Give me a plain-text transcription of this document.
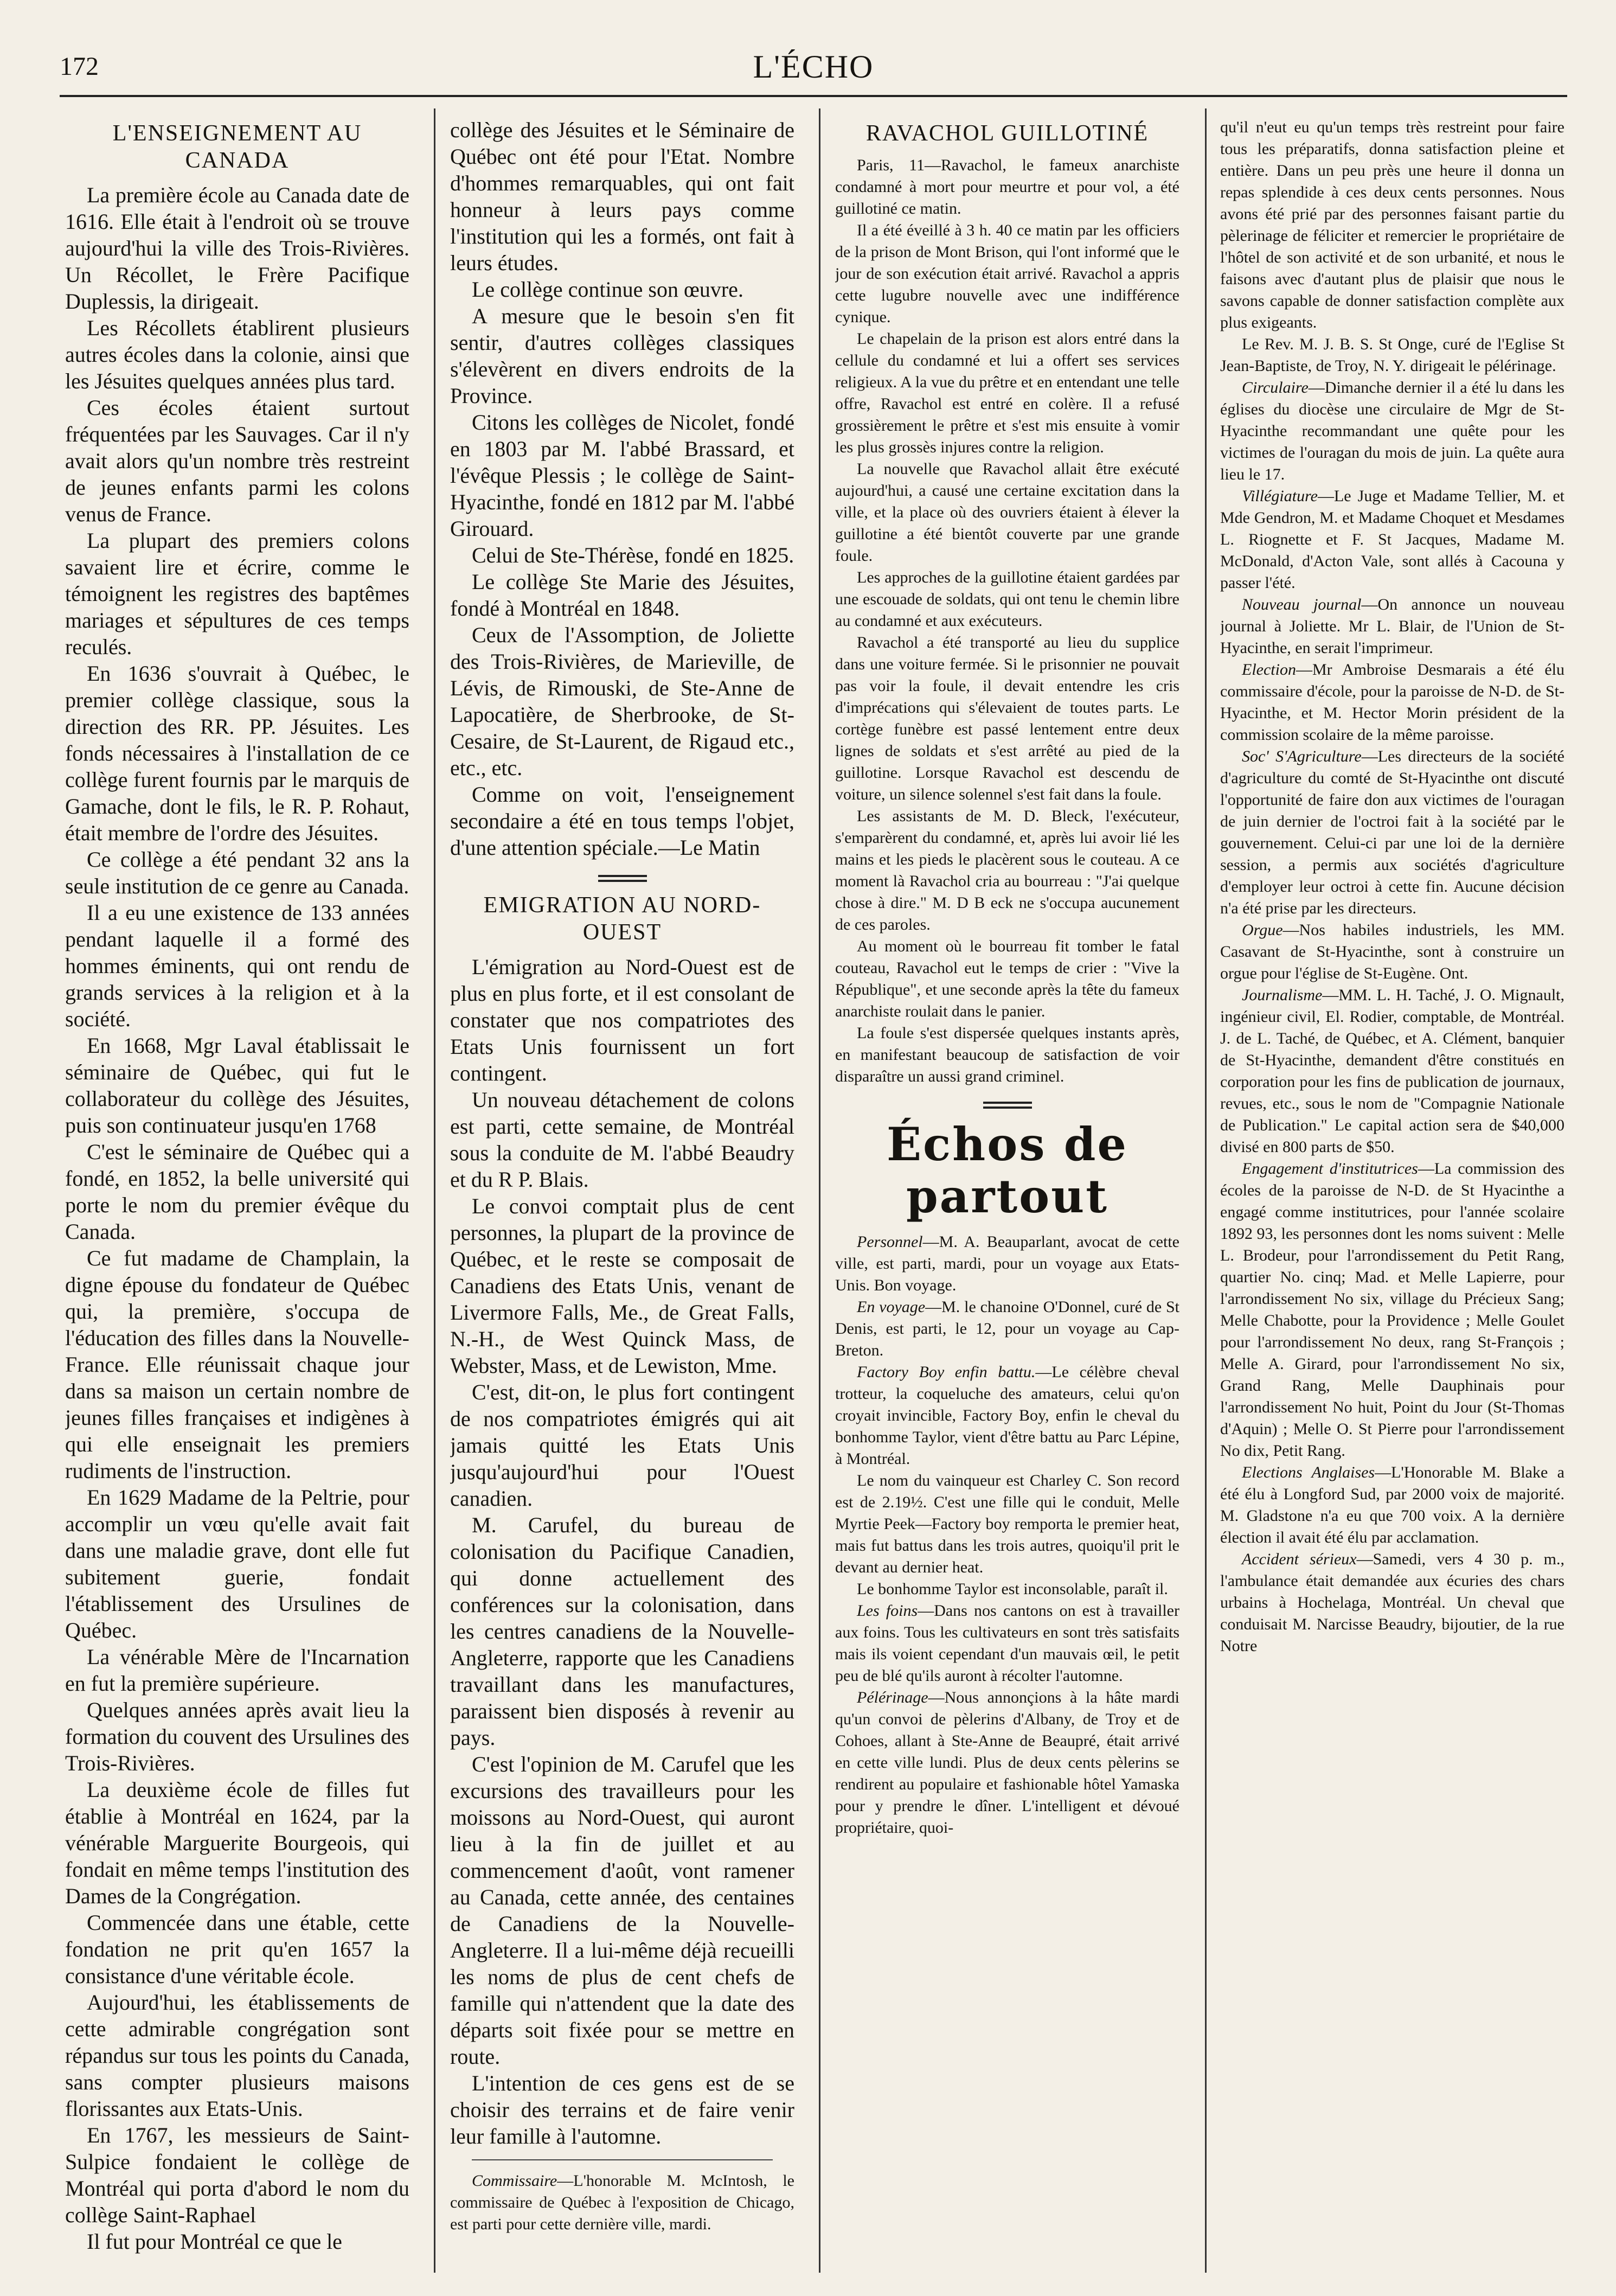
172	L'ÉCHO
L'ENSEIGNEMENT AU CANADA

La première école au Canada date de 1616. Elle était à l'endroit où se trouve aujourd'hui la ville des Trois-Rivières. Un Récollet, le Frère Pacifique Duplessis, la dirigeait.

Les Récollets établirent plusieurs autres écoles dans la colonie, ainsi que les Jésuites quelques années plus tard.

Ces écoles étaient surtout fréquentées par les Sauvages. Car il n'y avait alors qu'un nombre très restreint de jeunes enfants parmi les colons venus de France.

La plupart des premiers colons savaient lire et écrire, comme le témoignent les registres des baptêmes mariages et sépultures de ces temps reculés.

En 1636 s'ouvrait à Québec, le premier collège classique, sous la direction des RR. PP. Jésuites. Les fonds nécessaires à l'installation de ce collège furent fournis par le marquis de Gamache, dont le fils, le R. P. Rohaut, était membre de l'ordre des Jésuites.

Ce collège a été pendant 32 ans la seule institution de ce genre au Canada.

Il a eu une existence de 133 années pendant laquelle il a formé des hommes éminents, qui ont rendu de grands services à la religion et à la société.

En 1668, Mgr Laval établissait le séminaire de Québec, qui fut le collaborateur du collège des Jésuites, puis son continuateur jusqu'en 1768

C'est le séminaire de Québec qui a fondé, en 1852, la belle université qui porte le nom du premier évêque du Canada.

Ce fut madame de Champlain, la digne épouse du fondateur de Québec qui, la première, s'occupa de l'éducation des filles dans la Nouvelle-France. Elle réunissait chaque jour dans sa maison un certain nombre de jeunes filles françaises et indigènes à qui elle enseignait les premiers rudiments de l'instruction.

En 1629 Madame de la Peltrie, pour accomplir un vœu qu'elle avait fait dans une maladie grave, dont elle fut subitement guerie, fondait l'établissement des Ursulines de Québec.

La vénérable Mère de l'Incarnation en fut la première supérieure.

Quelques années après avait lieu la formation du couvent des Ursulines des Trois-Rivières.

La deuxième école de filles fut établie à Montréal en 1624, par la vénérable Marguerite Bourgeois, qui fondait en même temps l'institution des Dames de la Congrégation.

Commencée dans une étable, cette fondation ne prit qu'en 1657 la consistance d'une véritable école.

Aujourd'hui, les établissements de cette admirable congrégation sont répandus sur tous les points du Canada, sans compter plusieurs maisons florissantes aux Etats-Unis.

En 1767, les messieurs de Saint-Sulpice fondaient le collège de Montréal qui porta d'abord le nom du collège Saint-Raphael

Il fut pour Montréal ce que le

collège des Jésuites et le Séminaire de Québec ont été pour l'Etat. Nombre d'hommes remarquables, qui ont fait honneur à leurs pays comme l'institution qui les a formés, ont fait à leurs études.

Le collège continue son œuvre.

A mesure que le besoin s'en fit sentir, d'autres collèges classiques s'élevèrent en divers endroits de la Province.

Citons les collèges de Nicolet, fondé en 1803 par M. l'abbé Brassard, et l'évêque Plessis ; le collège de Saint-Hyacinthe, fondé en 1812 par M. l'abbé Girouard.

Celui de Ste-Thérèse, fondé en 1825.

Le collège Ste Marie des Jésuites, fondé à Montréal en 1848.

Ceux de l'Assomption, de Joliette des Trois-Rivières, de Marieville, de Lévis, de Rimouski, de Ste-Anne de Lapocatière, de Sherbrooke, de St-Cesaire, de St-Laurent, de Rigaud etc., etc., etc.

Comme on voit, l'enseignement secondaire a été en tous temps l'objet, d'une attention spéciale.—Le Matin

EMIGRATION AU NORD-OUEST

L'émigration au Nord-Ouest est de plus en plus forte, et il est consolant de constater que nos compatriotes des Etats Unis fournissent un fort contingent.

Un nouveau détachement de colons est parti, cette semaine, de Montréal sous la conduite de M. l'abbé Beaudry et du R P. Blais.

Le convoi comptait plus de cent personnes, la plupart de la province de Québec, et le reste se composait de Canadiens des Etats Unis, venant de Livermore Falls, Me., de Great Falls, N.-H., de West Quinck Mass, de Webster, Mass, et de Lewiston, Mme.

C'est, dit-on, le plus fort contingent de nos compatriotes émigrés qui ait jamais quitté les Etats Unis jusqu'aujourd'hui pour l'Ouest canadien.

M. Carufel, du bureau de colonisation du Pacifique Canadien, qui donne actuellement des conférences sur la colonisation, dans les centres canadiens de la Nouvelle-Angleterre, rapporte que les Canadiens travaillant dans les manufactures, paraissent bien disposés à revenir au pays.

C'est l'opinion de M. Carufel que les excursions des travailleurs pour les moissons au Nord-Ouest, qui auront lieu à la fin de juillet et au commencement d'août, vont ramener au Canada, cette année, des centaines de Canadiens de la Nouvelle-Angleterre. Il a lui-même déjà recueilli les noms de plus de cent chefs de famille qui n'attendent que la date des départs soit fixée pour se mettre en route.

L'intention de ces gens est de se choisir des terrains et de faire venir leur famille à l'automne.

Commissaire—L'honorable M. McIntosh, le commissaire de Québec à l'exposition de Chicago, est parti pour cette dernière ville, mardi.

RAVACHOL GUILLOTINÉ

Paris, 11—Ravachol, le fameux anarchiste condamné à mort pour meurtre et pour vol, a été guillotiné ce matin.

Il a été éveillé à 3 h. 40 ce matin par les officiers de la prison de Mont Brison, qui l'ont informé que le jour de son exécution était arrivé. Ravachol a appris cette lugubre nouvelle avec une indifférence cynique.

Le chapelain de la prison est alors entré dans la cellule du condamné et lui a offert ses services religieux. A la vue du prêtre et en entendant une telle offre, Ravachol est entré en colère. Il a refusé grossièrement le prêtre et s'est mis ensuite à vomir les plus grossès injures contre la religion.

La nouvelle que Ravachol allait être exécuté aujourd'hui, a causé une certaine excitation dans la ville, et la place où des ouvriers étaient à élever la guillotine a été bientôt couverte par une grande foule.

Les approches de la guillotine étaient gardées par une escouade de soldats, qui ont tenu le chemin libre au condamné et aux exécuteurs.

Ravachol a été transporté au lieu du supplice dans une voiture fermée. Si le prisonnier ne pouvait pas voir la foule, il devait entendre les cris d'imprécations qui s'élevaient de toutes parts. Le cortège funèbre est passé lentement entre deux lignes de soldats et s'est arrêté au pied de la guillotine. Lorsque Ravachol est descendu de voiture, un silence solennel s'est fait dans la foule.

Les assistants de M. D. Bleck, l'exécuteur, s'emparèrent du condamné, et, après lui avoir lié les mains et les pieds le placèrent sous le couteau. A ce moment là Ravachol cria au bourreau : "J'ai quelque chose à dire." M. D B eck ne s'occupa aucunement de ces paroles.

Au moment où le bourreau fit tomber le fatal couteau, Ravachol eut le temps de crier : "Vive la République", et une seconde après la tête du fameux anarchiste roulait dans le panier.

La foule s'est dispersée quelques instants après, en manifestant beaucoup de satisfaction de voir disparaître un aussi grand criminel.

Échos de partout

Personnel—M. A. Beauparlant, avocat de cette ville, est parti, mardi, pour un voyage aux Etats-Unis. Bon voyage.

En voyage—M. le chanoine O'Donnel, curé de St Denis, est parti, le 12, pour un voyage au Cap-Breton.

Factory Boy enfin battu.—Le célèbre cheval trotteur, la coqueluche des amateurs, celui qu'on croyait invincible, Factory Boy, enfin le cheval du bonhomme Taylor, vient d'être battu au Parc Lépine, à Montréal.

Le nom du vainqueur est Charley C. Son record est de 2.19½. C'est une fille qui le conduit, Melle Myrtie Peek—Factory boy remporta le premier heat, mais fut battus dans les trois autres, quoiqu'il prit le devant au dernier heat.

Le bonhomme Taylor est inconsolable, paraît il.

Les foins—Dans nos cantons on est à travailler aux foins. Tous les cultivateurs en sont très satisfaits mais ils voient cependant d'un mauvais œil, le petit peu de blé qu'ils auront à récolter l'automne.

Pélérinage—Nous annonçions à la hâte mardi qu'un convoi de pèlerins d'Albany, de Troy et de Cohoes, allant à Ste-Anne de Beaupré, était arrivé en cette ville lundi. Plus de deux cents pèlerins se rendirent au populaire et fashionable hôtel Yamaska pour y prendre le dîner. L'intelligent et dévoué propriétaire, quoi-

qu'il n'eut eu qu'un temps très restreint pour faire tous les préparatifs, donna satisfaction pleine et entière. Dans un peu près une heure il donna un repas splendide à ces deux cents personnes. Nous avons été prié par des personnes faisant partie du pèlerinage de féliciter et remercier le propriétaire de l'hôtel de son activité et de son urbanité, et nous le faisons avec d'autant plus de plaisir que nous le savons capable de donner satisfaction complète aux plus exigeants.

Le Rev. M. J. B. S. St Onge, curé de l'Eglise St Jean-Baptiste, de Troy, N. Y. dirigeait le pélérinage.

Circulaire—Dimanche dernier il a été lu dans les églises du diocèse une circulaire de Mgr de St-Hyacinthe recommandant une quête pour les victimes de l'ouragan du mois de juin. La quête aura lieu le 17.

Villégiature—Le Juge et Madame Tellier, M. et Mde Gendron, M. et Madame Choquet et Mesdames L. Riognette et F. St Jacques, Madame M. McDonald, d'Acton Vale, sont allés à Cacouna y passer l'été.

Nouveau journal—On annonce un nouveau journal à Joliette. Mr L. Blair, de l'Union de St-Hyacinthe, en serait l'imprimeur.

Election—Mr Ambroise Desmarais a été élu commissaire d'école, pour la paroisse de N-D. de St-Hyacinthe, et M. Hector Morin président de la commission scolaire de la même paroisse.

Soc' S'Agriculture—Les directeurs de la société d'agriculture du comté de St-Hyacinthe ont discuté l'opportunité de faire don aux victimes de l'ouragan de juin dernier de l'octroi fait à la société par le gouvernement. Celui-ci par une loi de la dernière session, a permis aux sociétés d'agriculture d'employer leur octroi à cette fin. Aucune décision n'a été prise par les directeurs.

Orgue—Nos habiles industriels, les MM. Casavant de St-Hyacinthe, sont à construire un orgue pour l'église de St-Eugène. Ont.

Journalisme—MM. L. H. Taché, J. O. Mignault, ingénieur civil, El. Rodier, comptable, de Montréal. J. de L. Taché, de Québec, et A. Clément, banquier de St-Hyacinthe, demandent d'être constitués en corporation pour les fins de publication de journaux, revues, etc., sous le nom de "Compagnie Nationale de Publication." Le capital action sera de $40,000 divisé en 800 parts de $50.

Engagement d'institutrices—La commission des écoles de la paroisse de N-D. de St Hyacinthe a engagé comme institutrices, pour l'année scolaire 1892 93, les personnes dont les noms suivent : Melle L. Brodeur, pour l'arrondissement du Petit Rang, quartier No. cinq; Mad. et Melle Lapierre, pour l'arrondissement No six, village du Précieux Sang; Melle Chabotte, pour la Providence ; Melle Goulet pour l'arrondissement No deux, rang St-François ; Melle A. Girard, pour l'arrondissement No six, Grand Rang, Melle Dauphinais pour l'arrondissement No huit, Point du Jour (St-Thomas d'Aquin) ; Melle O. St Pierre pour l'arrondissement No dix, Petit Rang.

Elections Anglaises—L'Honorable M. Blake a été élu à Longford Sud, par 2000 voix de majorité. M. Gladstone n'a eu que 700 voix. A la dernière élection il avait été élu par acclamation.

Accident sérieux—Samedi, vers 4 30 p. m., l'ambulance était demandée aux écuries des chars urbains à Hochelaga, Montréal. Un cheval que conduisait M. Narcisse Beaudry, bijoutier, de la rue Notre
